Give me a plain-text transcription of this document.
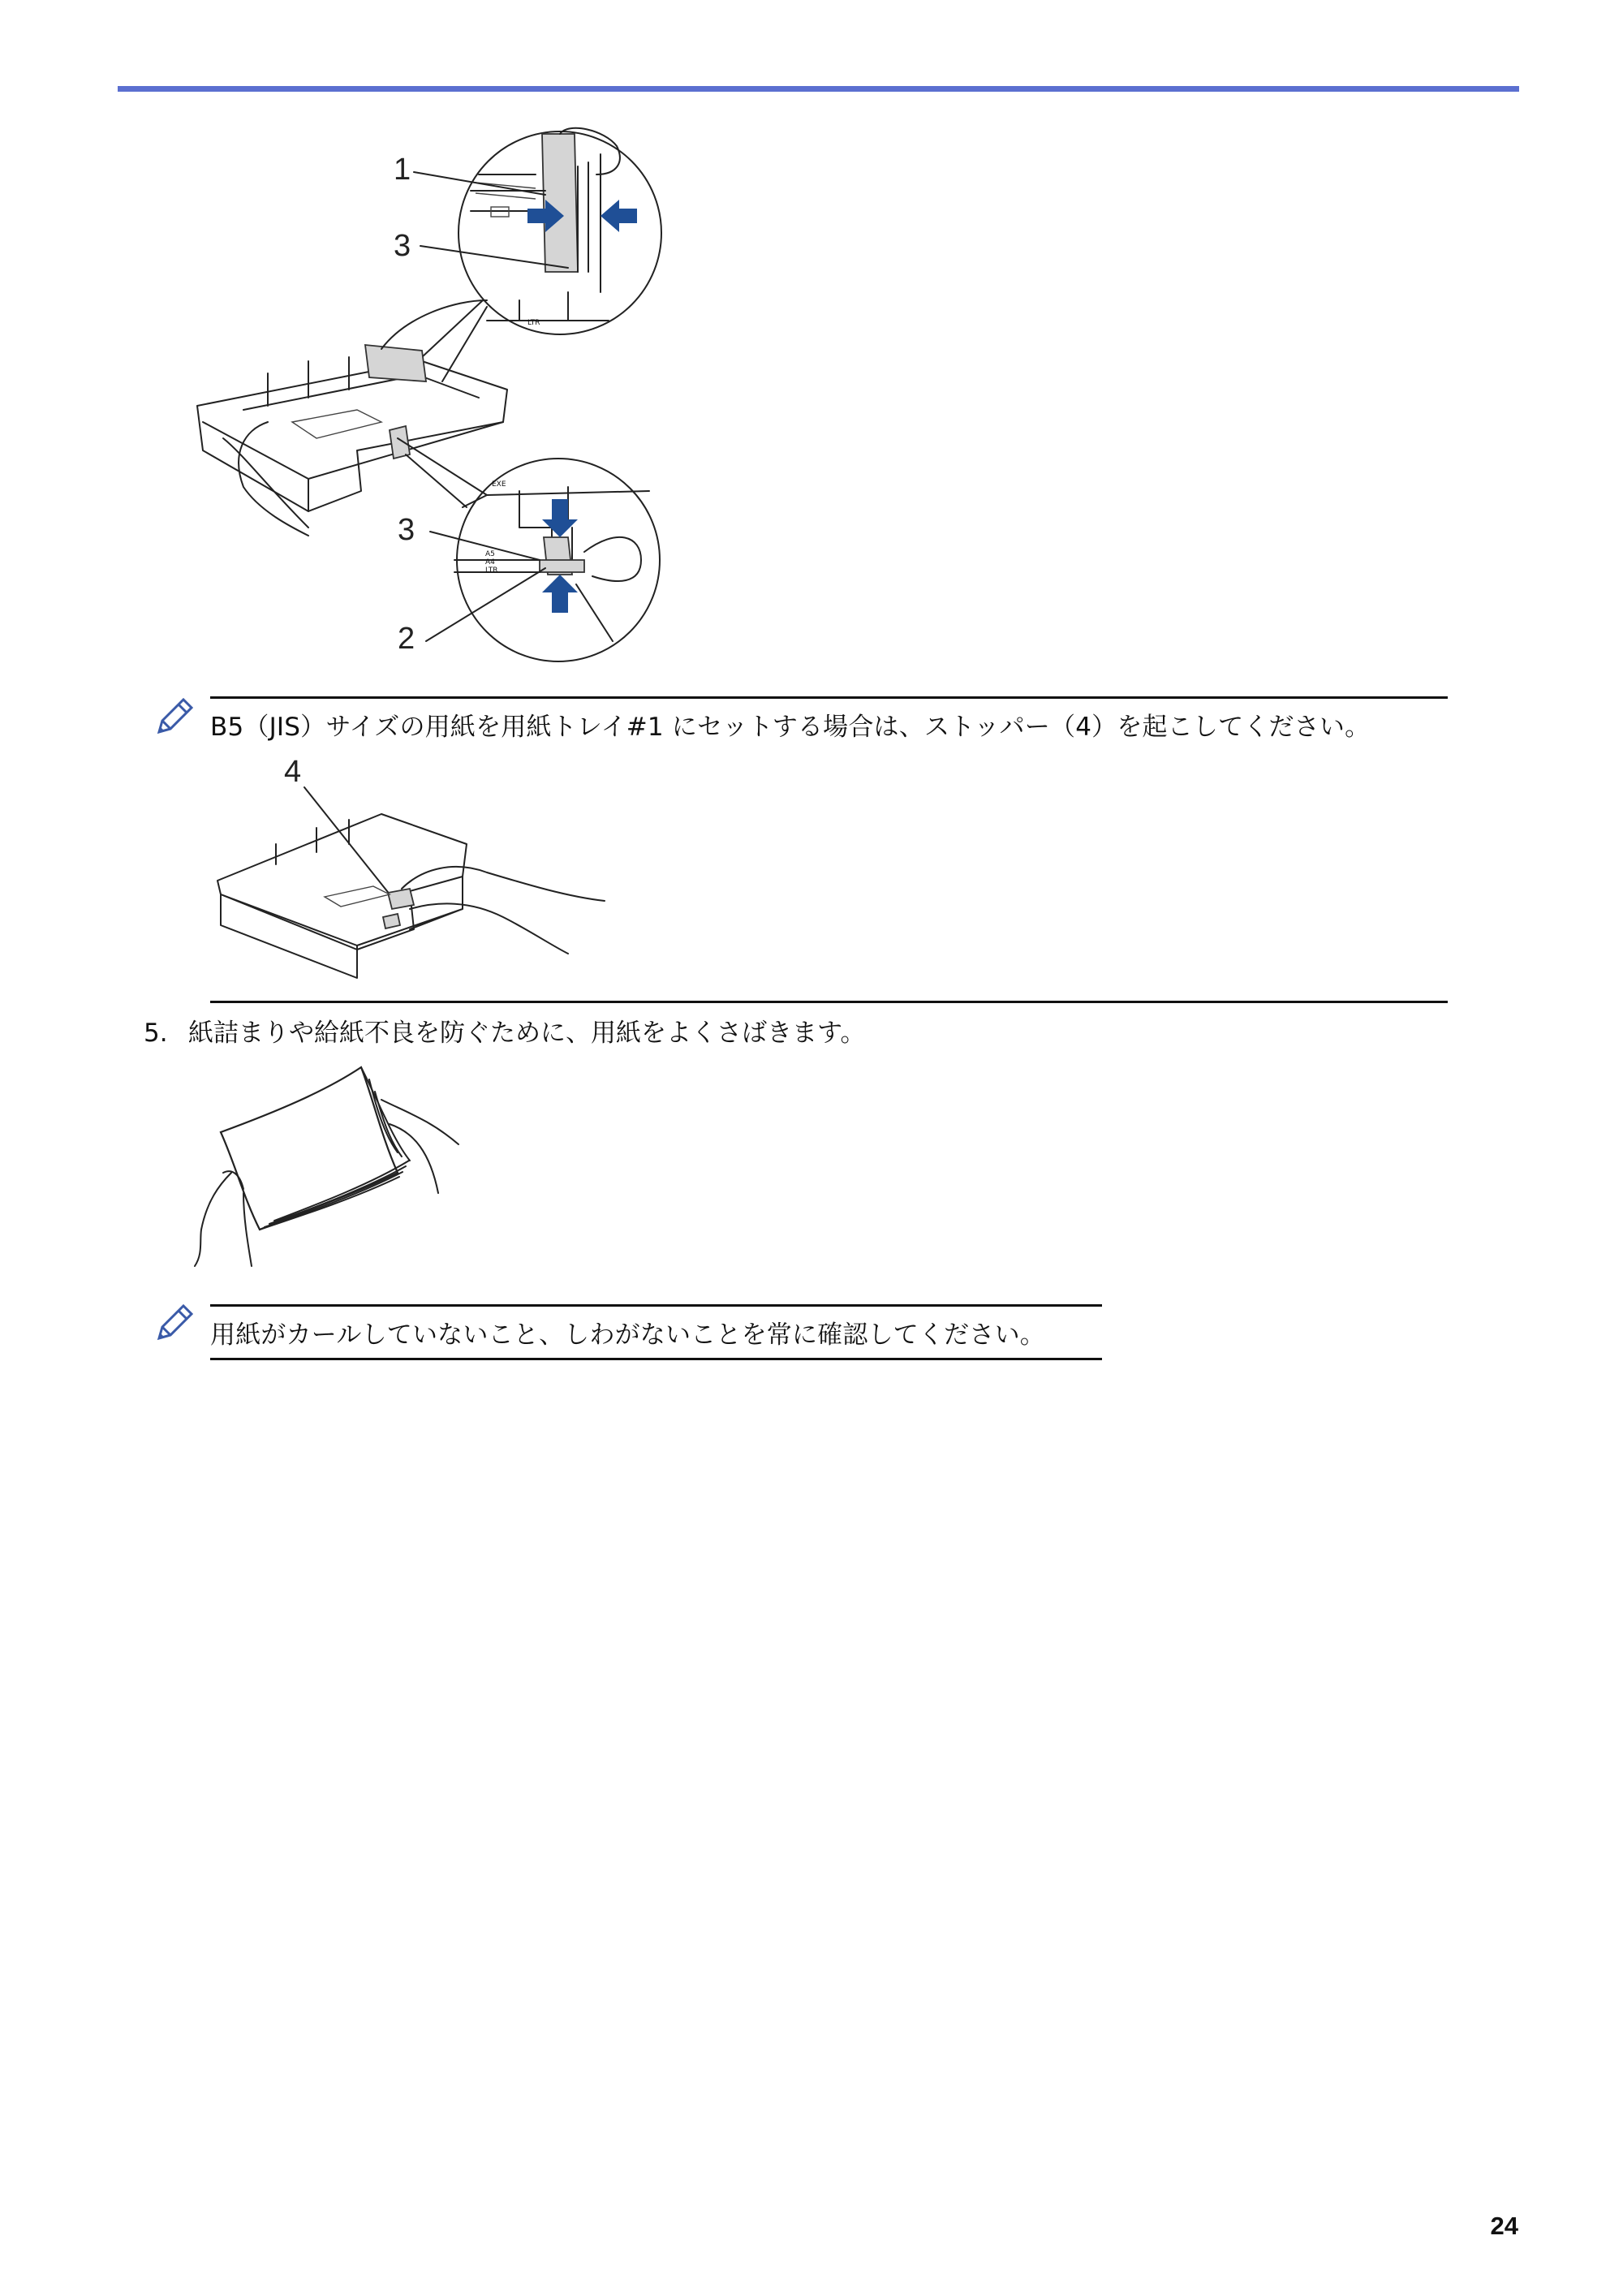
1
3
3
2
A5
A4
LTR
EXE
LTR
B5（JIS）サイズの用紙を用紙トレイ#1 にセットする場合は、ストッパー（4）を起こしてください。
4
5. 紙詰まりや給紙不良を防ぐために、用紙をよくさばきます。
用紙がカールしていないこと、しわがないことを常に確認してください。
24
